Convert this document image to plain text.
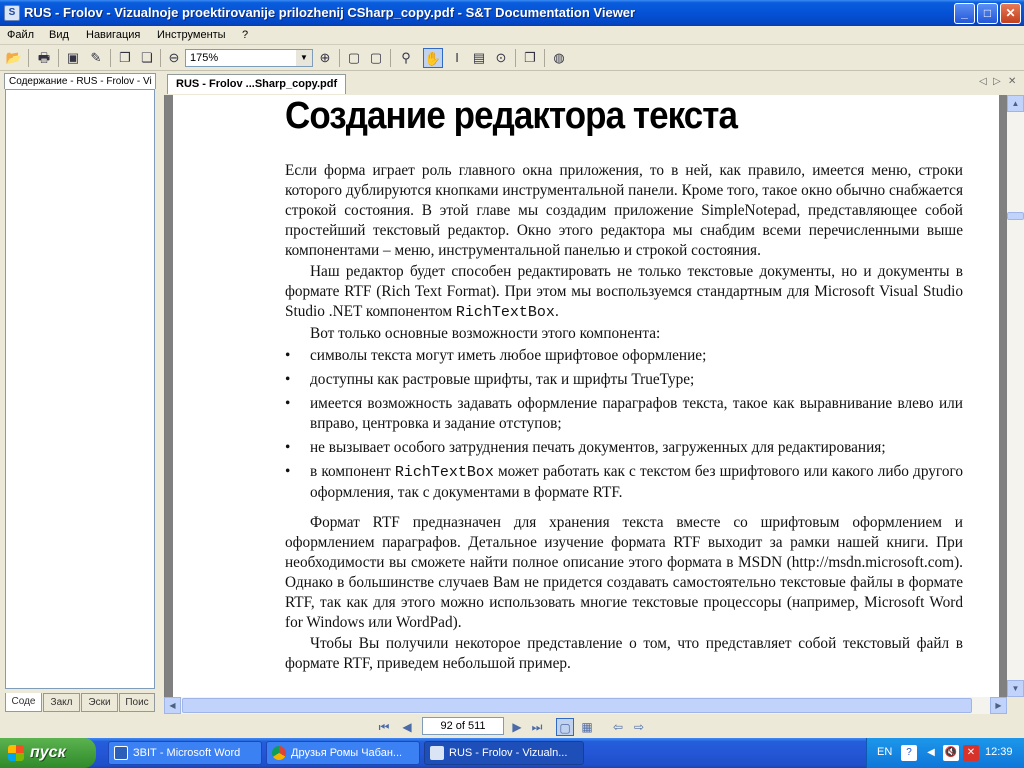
S RUS - Frolov - Vizualnoje proektirovanije prilozhenij CSharp_copy.pdf - S&T Documentation Viewer	_	□	✕
Файл Вид Навигация Инструменты ?
📂 🖶 ▣ ✎	❐ ❏	⊖ 175%	▼ ⊕	▢ ▢	⚲	✋	I	▤ ⊙	❐	◍
Содержание - RUS - Frolov - Vi
Соде	Закл	Эски	Поис
RUS - Frolov ...Sharp_copy.pdf	◁ ▷ ✕
Создание редактора текста

Если форма играет роль главного окна приложения, то в ней, как правило, имеется меню, строки которого дублируются кнопками инструментальной панели. Кроме того, такое окно обычно снабжается строкой состояния. В этой главе мы создадим приложение SimpleNotepad, представляющее собой простейший текстовый редактор. Окно этого редактора мы снабдим всеми перечисленными выше компонентами – меню, инструментальной панелью и строкой состояния.

Наш редактор будет способен редактировать не только текстовые документы, но и документы в формате RTF (Rich Text Format). При этом мы воспользуемся стандартным для Microsoft Visual Studio Studio .NET компонентом RichTextBox.

Вот только основные возможности этого компонента:

• символы текста могут иметь любое шрифтовое оформление;
• доступны как растровые шрифты, так и шрифты TrueType;
• имеется возможность задавать оформление параграфов текста, такое как выравнивание влево или вправо, центровка и задание отступов;
• не вызывает особого затруднения печать документов, загруженных для редактирования;
• в компонент RichTextBox может работать как с текстом без шрифтового или какого либо другого оформления, так с документами в формате RTF.

Формат RTF предназначен для хранения текста вместе со шрифтовым оформлением и оформлением параграфов. Детальное изучение формата RTF выходит за рамки нашей книги. При необходимости вы сможете найти полное описание этого формата в MSDN (http://msdn.microsoft.com). Однако в большинстве случаев Вам не придется создавать самостоятельно текстовые файлы в формате RTF, так как для этого можно использовать многие текстовые процессоры (например, Microsoft Word for Windows или WordPad).

Чтобы Вы получили некоторое представление о том, что представляет собой текстовый файл в формате RTF, приведем небольшой пример.

▲
▼
◀	▶
⏮	◀	92 of 511	▶ ⏭ ▢ ▦	⇦ ⇨
пуск	ЗВІТ - Microsoft Word	Друзья Ромы Чабан...	RUS - Frolov - Vizualn...	EN	?	◀ 🔇 ✕ 12:39
